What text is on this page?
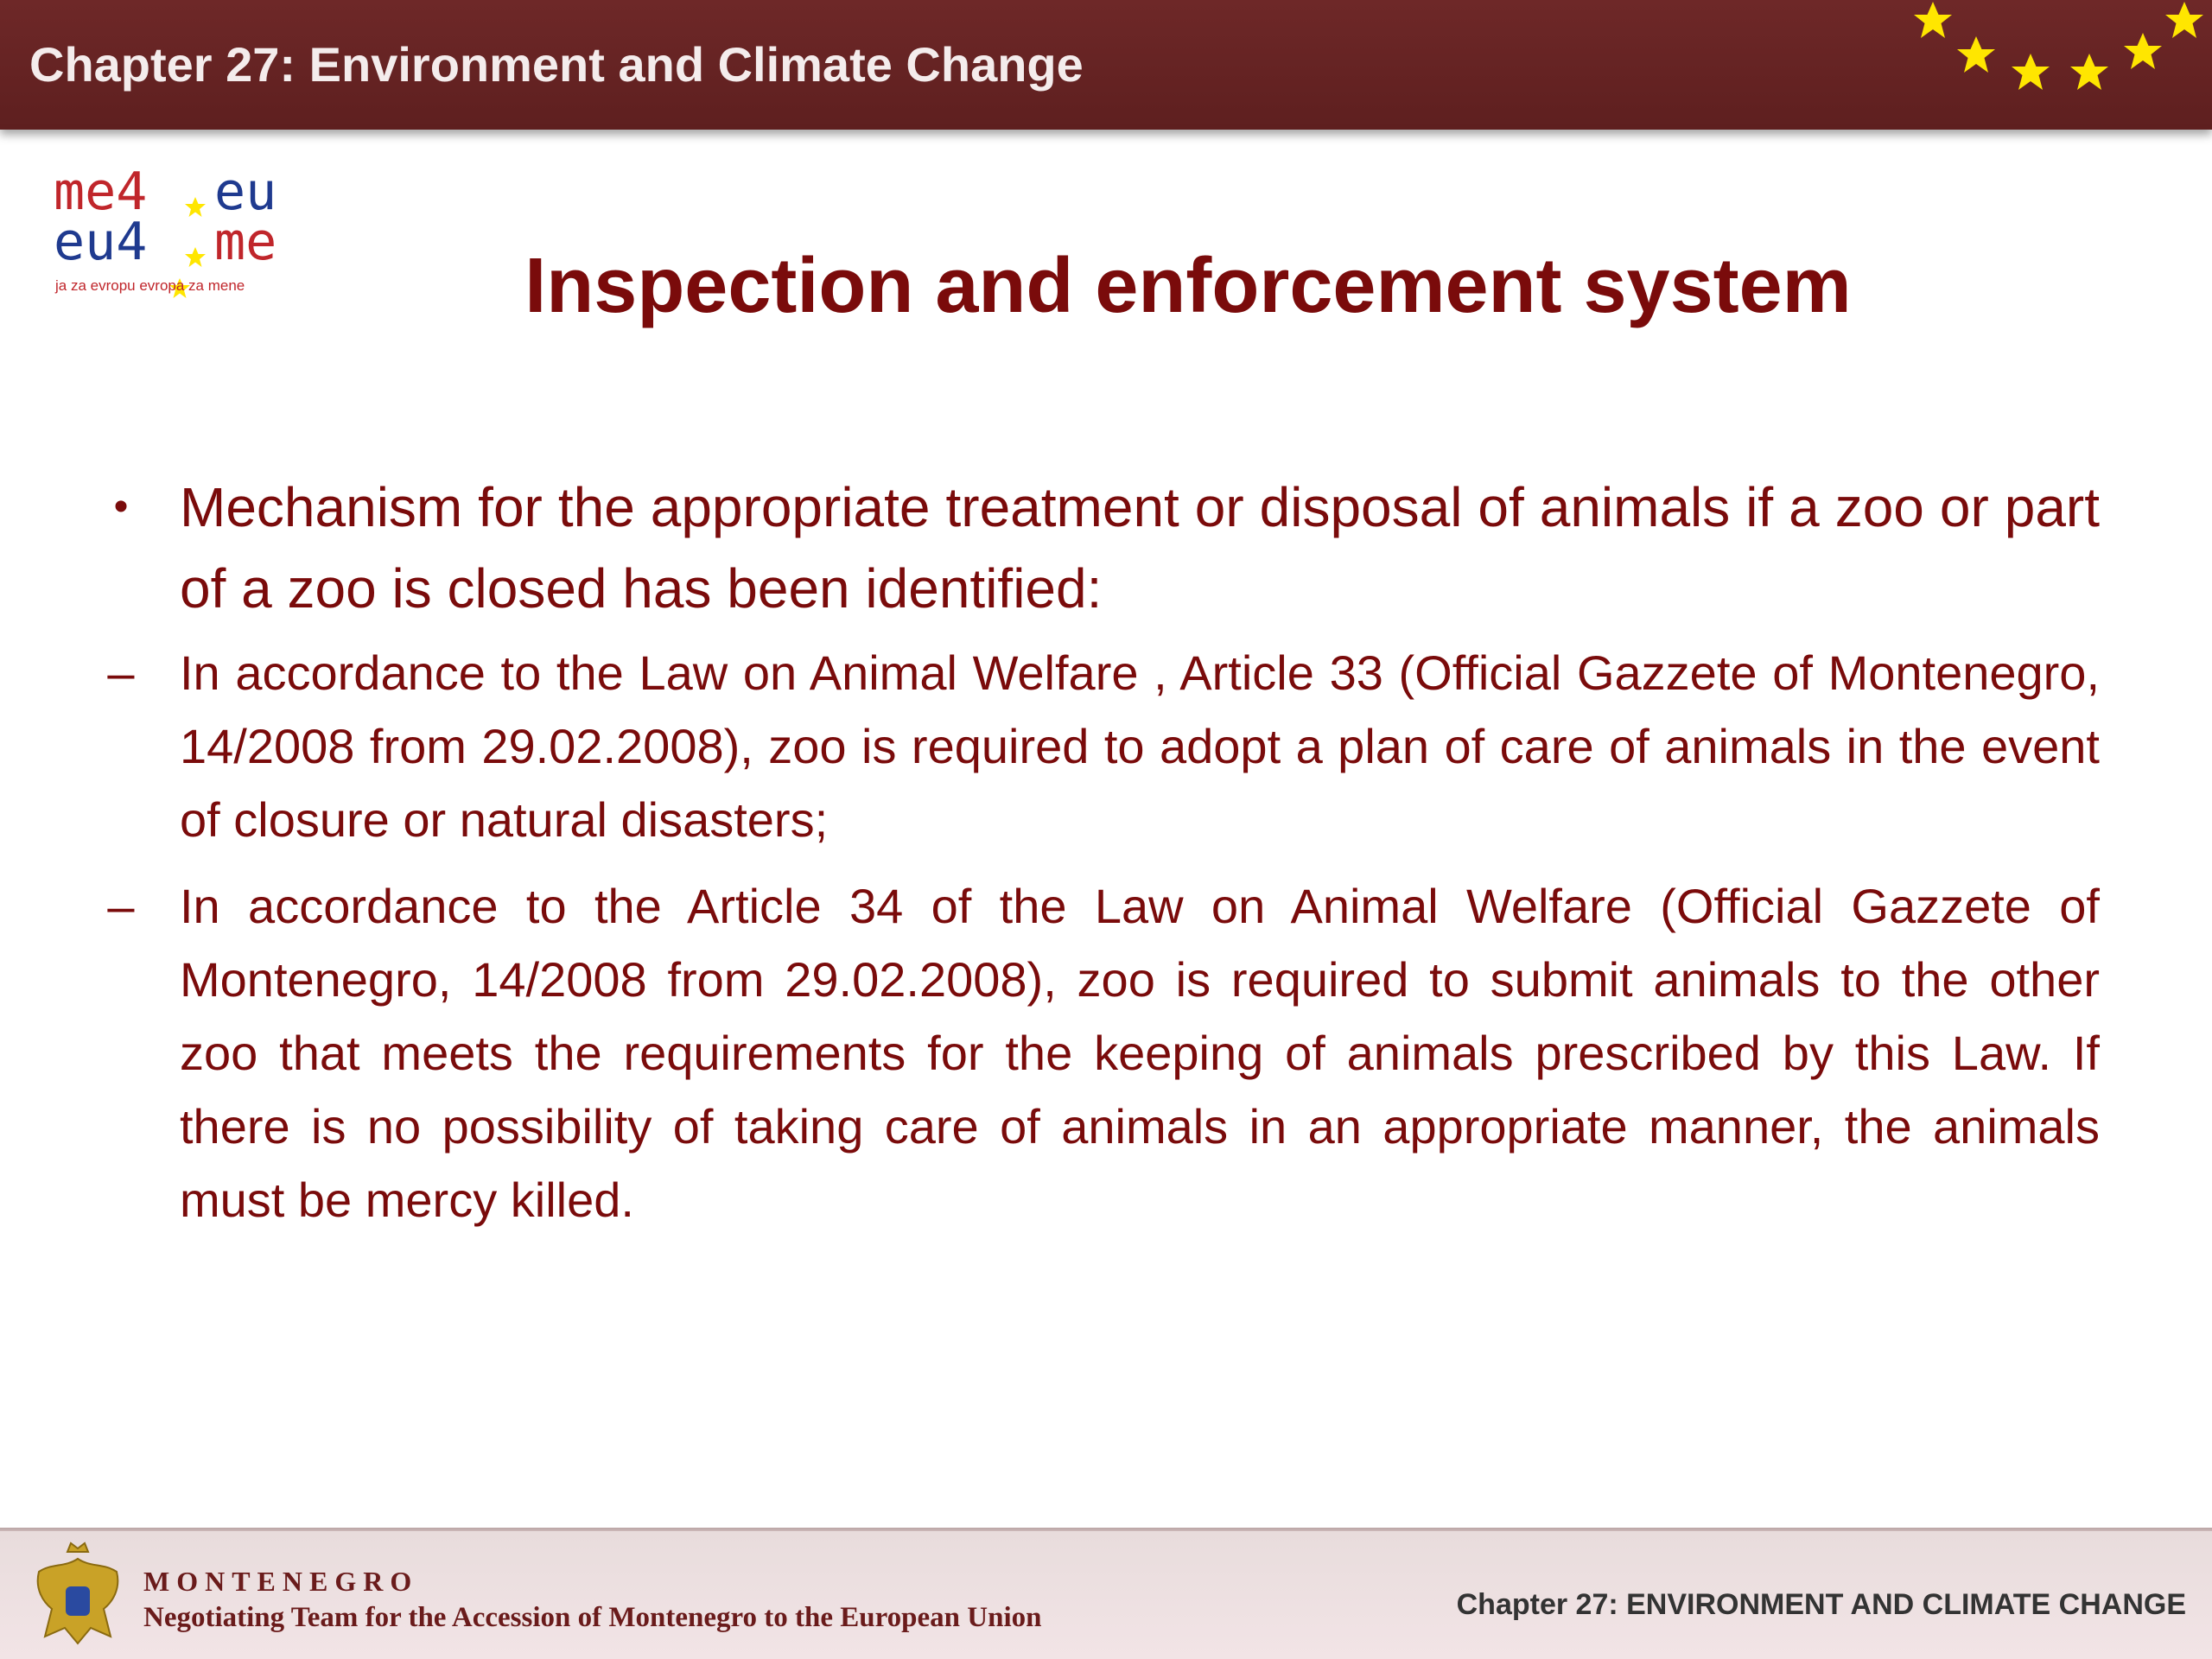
Chapter 27: Environment and Climate Change
me4 eu
eu4 me
ja za evropu evropa za mene	Inspection and enforcement system
• Mechanism for the appropriate treatment or disposal of animals if a zoo or part of a zoo is closed has been identified:
– In accordance to the Law on Animal Welfare , Article 33 (Official Gazzete of Montenegro, 14/2008 from 29.02.2008), zoo is required to adopt a plan of care of animals in the event of closure or natural disasters;
– In accordance to the Article 34 of the Law on Animal Welfare (Official Gazzete of Montenegro, 14/2008 from 29.02.2008), zoo is required to submit animals to the other zoo that meets the requirements for the keeping of animals prescribed by this Law. If there is no possibility of taking care of animals in an appropriate manner, the animals must be mercy killed.
MONTENEGRO
Negotiating Team for the Accession of Montenegro to the European Union	Chapter 27: ENVIRONMENT AND CLIMATE CHANGE
